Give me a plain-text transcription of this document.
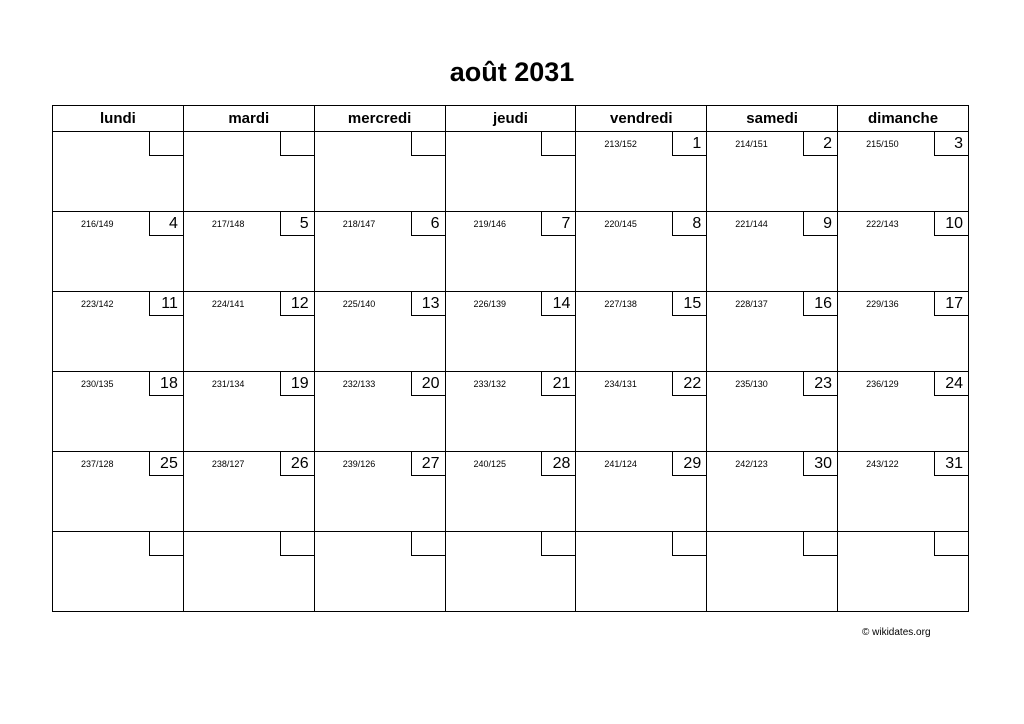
août 2031
lundi	mardi	mercredi	jeudi	vendredi	samedi	dimanche

				213/152 1	214/151 2	215/150 3

216/149 4	217/148 5	218/147 6	219/146 7	220/145 8	221/144 9	222/143 10

223/142 11	224/141 12	225/140 13	226/139 14	227/138 15	228/137 16	229/136 17

230/135 18	231/134 19	232/133 20	233/132 21	234/131 22	235/130 23	236/129 24

237/128 25	238/127 26	239/126 27	240/125 28	241/124 29	242/123 30	243/122 31

© wikidates.org
